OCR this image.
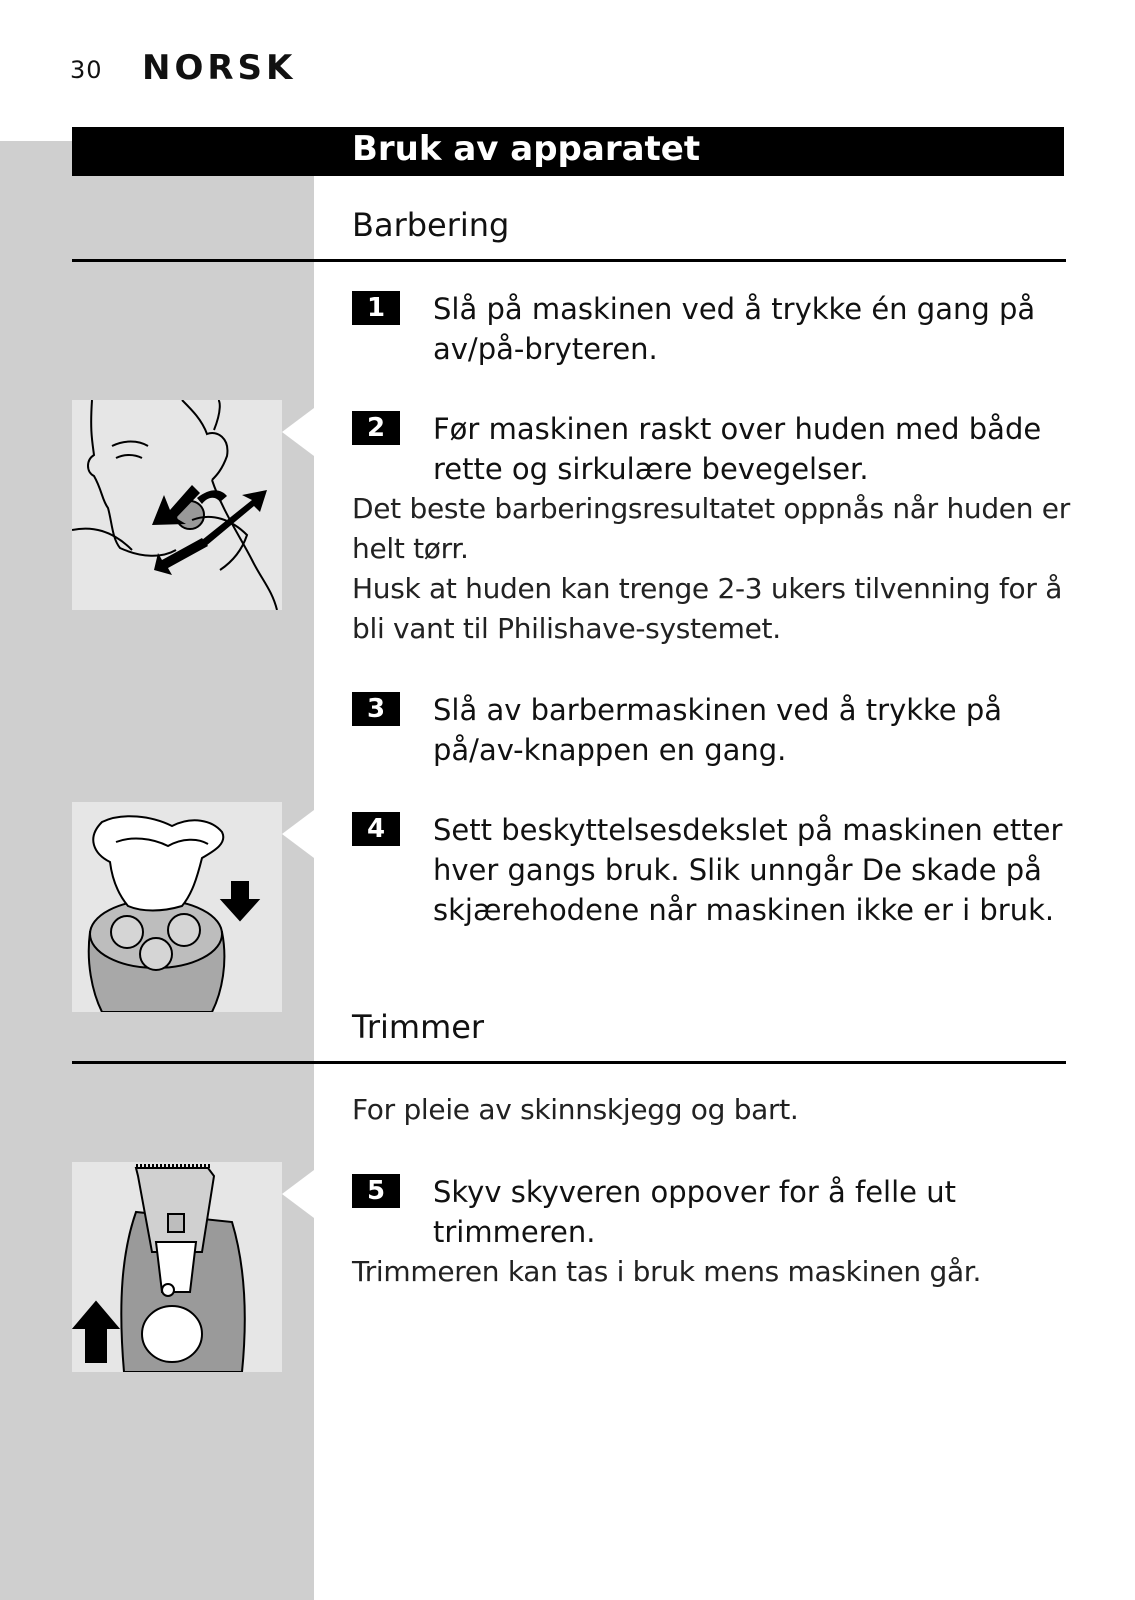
30 NORSK
Bruk av apparatet
Barbering
1	Slå på maskinen ved å trykke én gang på av/på-bryteren.
2	Før maskinen raskt over huden med både rette og sirkulære bevegelser.
Det beste barberingsresultatet oppnås når huden er helt tørr.
Husk at huden kan trenge 2-3 ukers tilvenning for å bli vant til Philishave-systemet.
3	Slå av barbermaskinen ved å trykke på på/av-knappen en gang.
4	Sett beskyttelsesdekslet på maskinen etter hver gangs bruk. Slik unngår De skade på skjærehodene når maskinen ikke er i bruk.
Trimmer
For pleie av skinnskjegg og bart.
5	Skyv skyveren oppover for å felle ut trimmeren.
Trimmeren kan tas i bruk mens maskinen går.
